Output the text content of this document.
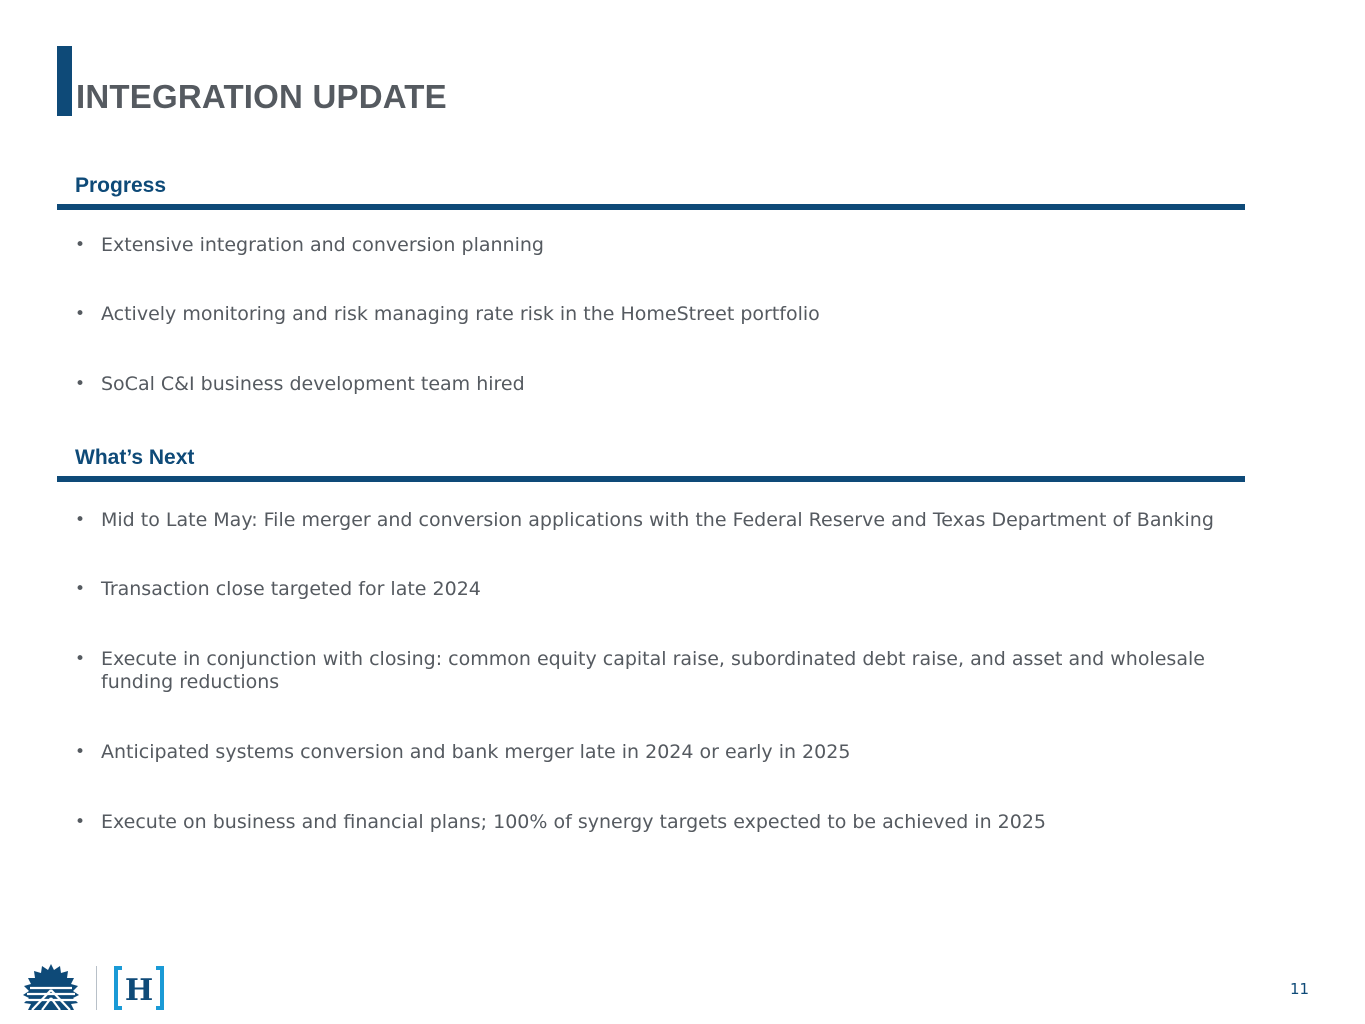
INTEGRATION UPDATE
Progress
• Extensive integration and conversion planning
• Actively monitoring and risk managing rate risk in the HomeStreet portfolio
• SoCal C&I business development team hired
What’s Next
• Mid to Late May: File merger and conversion applications with the Federal Reserve and Texas Department of Banking
• Transaction close targeted for late 2024
• Execute in conjunction with closing: common equity capital raise, subordinated debt raise, and asset and wholesale funding reductions
• Anticipated systems conversion and bank merger late in 2024 or early in 2025
• Execute on business and financial plans; 100% of synergy targets expected to be achieved in 2025
H	11
